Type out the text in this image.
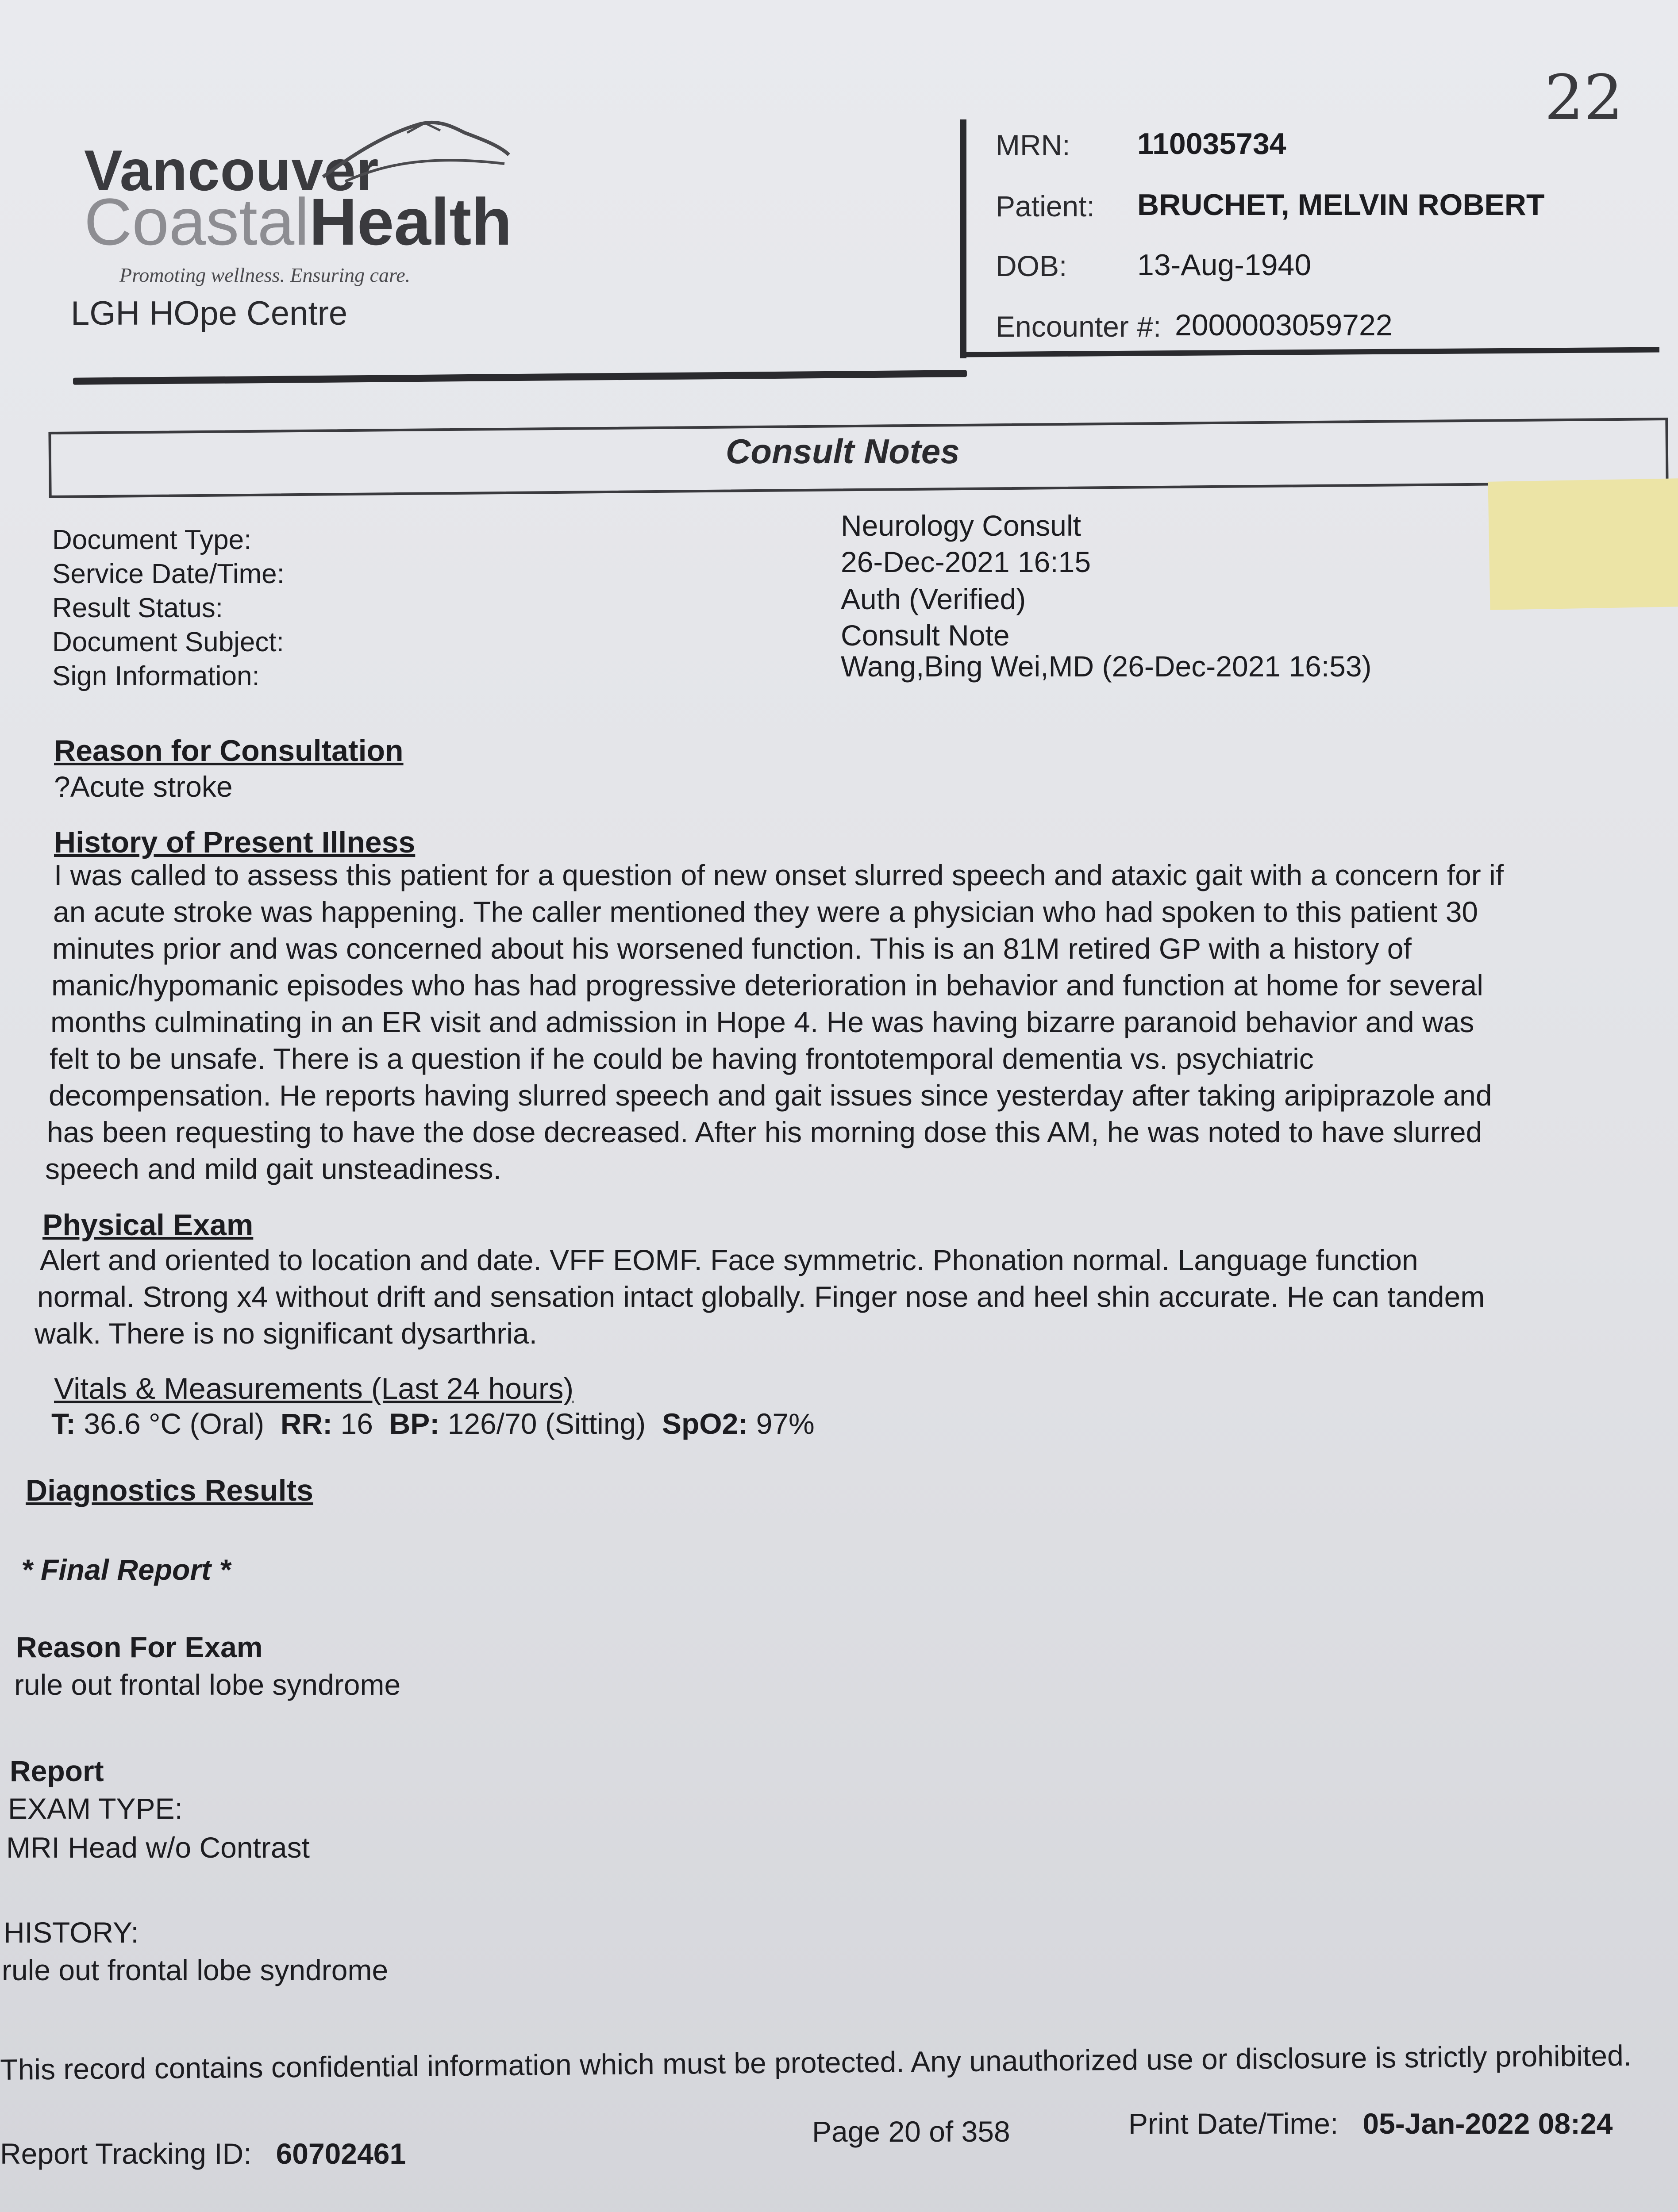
22
Vancouver
CoastalHealth
Promoting wellness. Ensuring care.
LGH HOpe Centre
MRN: 110035734
Patient: BRUCHET, MELVIN ROBERT
DOB: 13-Aug-1940
Encounter #: 2000003059722
Consult Notes
Document Type:
Service Date/Time:
Result Status:
Document Subject:
Sign Information:
Neurology Consult
26-Dec-2021 16:15
Auth (Verified)
Consult Note
Wang,Bing Wei,MD (26-Dec-2021 16:53)
Reason for Consultation
?Acute stroke
History of Present Illness
I was called to assess this patient for a question of new onset slurred speech and ataxic gait with a concern for if
an acute stroke was happening. The caller mentioned they were a physician who had spoken to this patient 30
minutes prior and was concerned about his worsened function. This is an 81M retired GP with a history of
manic/hypomanic episodes who has had progressive deterioration in behavior and function at home for several
months culminating in an ER visit and admission in Hope 4. He was having bizarre paranoid behavior and was
felt to be unsafe. There is a question if he could be having frontotemporal dementia vs. psychiatric
decompensation. He reports having slurred speech and gait issues since yesterday after taking aripiprazole and
has been requesting to have the dose decreased. After his morning dose this AM, he was noted to have slurred
speech and mild gait unsteadiness.
Physical Exam
Alert and oriented to location and date. VFF EOMF. Face symmetric. Phonation normal. Language function
normal. Strong x4 without drift and sensation intact globally. Finger nose and heel shin accurate. He can tandem
walk. There is no significant dysarthria.
Vitals & Measurements (Last 24 hours)
T: 36.6 °C (Oral) RR: 16 BP: 126/70 (Sitting) SpO2: 97%
Diagnostics Results
* Final Report *
Reason For Exam
rule out frontal lobe syndrome
Report
EXAM TYPE:
MRI Head w/o Contrast
HISTORY:
rule out frontal lobe syndrome
This record contains confidential information which must be protected. Any unauthorized use or disclosure is strictly prohibited.
Report Tracking ID: 60702461
Page 20 of 358	Print Date/Time: 05-Jan-2022 08:24
